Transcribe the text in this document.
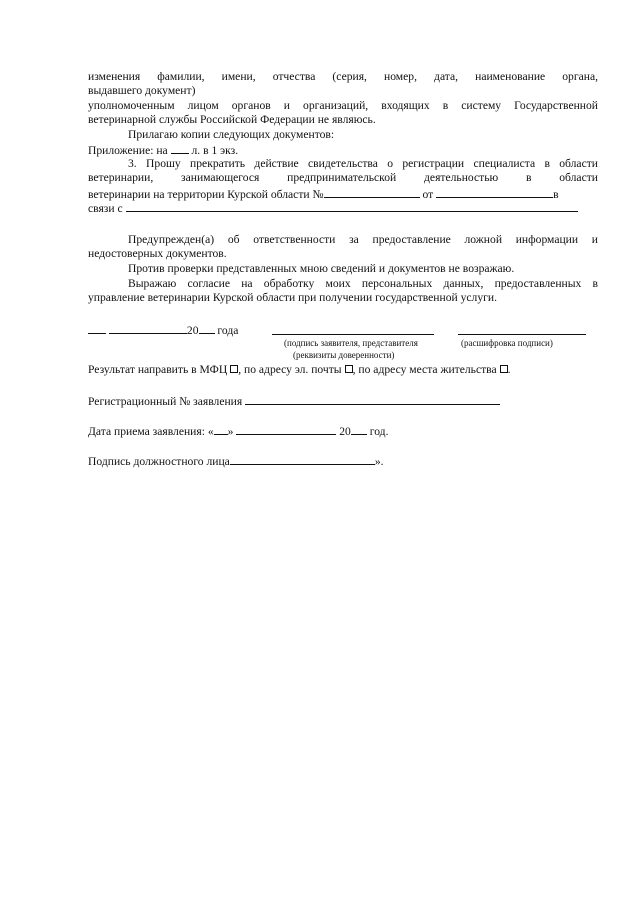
изменения фамилии, имени, отчества (серия, номер, дата, наименование органа,
выдавшего документ)
уполномоченным лицом органов и организаций, входящих в систему Государственной
ветеринарной службы Российской Федерации не являюсь.
Прилагаю копии следующих документов:
Приложение: на л. в 1 экз.
3. Прошу прекратить действие свидетельства о регистрации специалиста в области
ветеринарии, занимающегося предпринимательской деятельностью в области
ветеринарии на территории Курской области №	от	в
связи с
Предупрежден(а) об ответственности за предоставление ложной информации и
недостоверных документов.
Против проверки представленных мною сведений и документов не возражаю.
Выражаю согласие на обработку моих персональных данных, предоставленных в
управление ветеринарии Курской области при получении государственной услуги.
20 года
(подпись заявителя, представителя
(реквизиты доверенности)
(расшифровка подписи)
Результат направить в МФЦ , по адресу эл. почты , по адресу места жительства .
Регистрационный № заявления
Дата приема заявления: « »	20 год.
Подпись должностного лица	».
